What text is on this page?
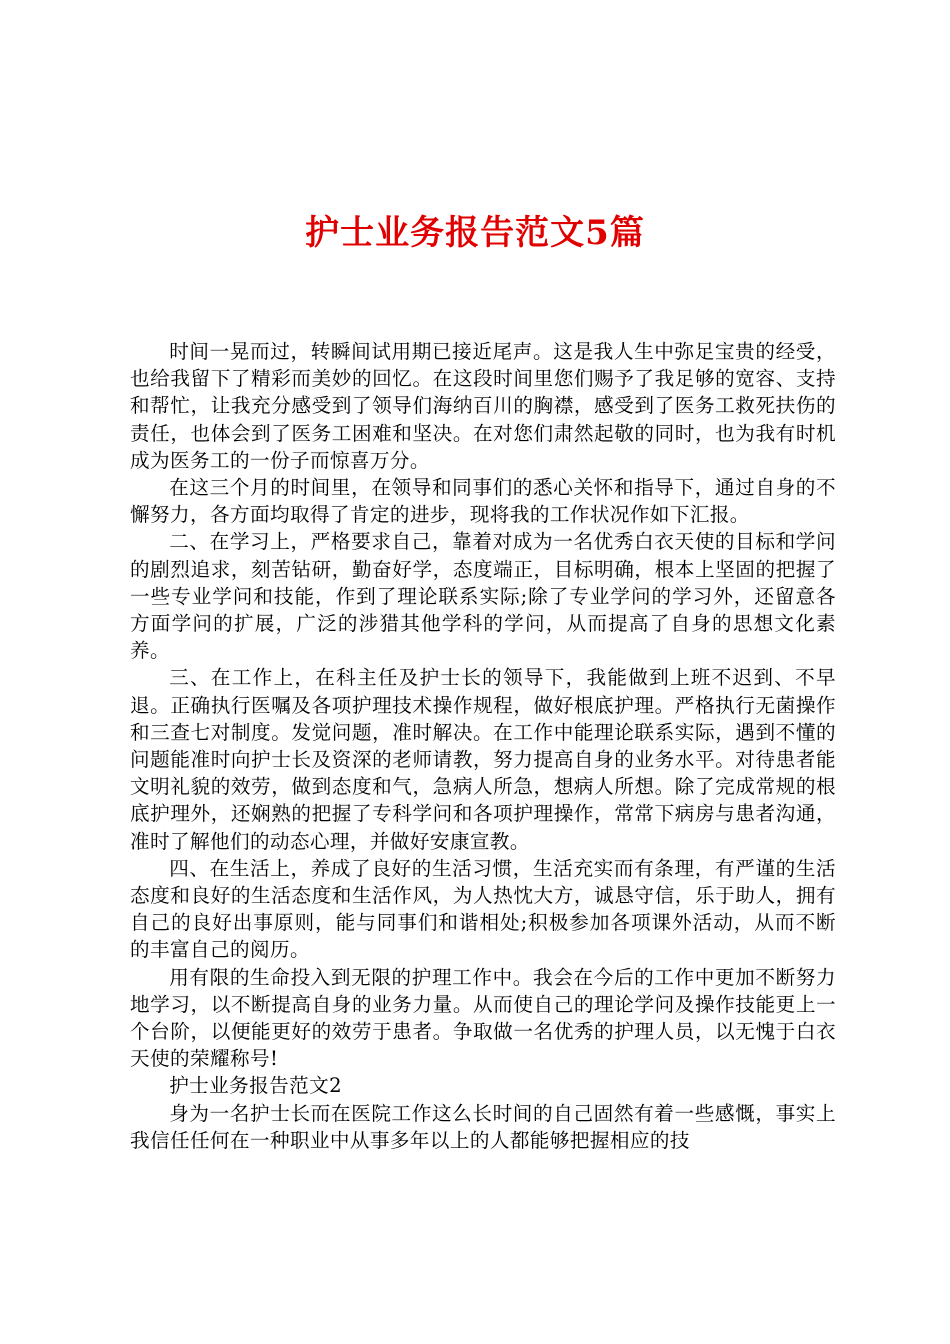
护士业务报告范文5篇

时间一晃而过，转瞬间试用期已接近尾声。这是我人生中弥足宝贵的经受，也给我留下了精彩而美妙的回忆。在这段时间里您们赐予了我足够的宽容、支持和帮忙，让我充分感受到了领导们海纳百川的胸襟，感受到了医务工救死扶伤的责任，也体会到了医务工困难和坚决。在对您们肃然起敬的同时，也为我有时机成为医务工的一份子而惊喜万分。

在这三个月的时间里，在领导和同事们的悉心关怀和指导下，通过自身的不懈努力，各方面均取得了肯定的进步，现将我的工作状况作如下汇报。

二、在学习上，严格要求自己，靠着对成为一名优秀白衣天使的目标和学问的剧烈追求，刻苦钻研，勤奋好学，态度端正，目标明确，根本上坚固的把握了一些专业学问和技能，作到了理论联系实际;除了专业学问的学习外，还留意各方面学问的扩展，广泛的涉猎其他学科的学问，从而提高了自身的思想文化素养。

三、在工作上，在科主任及护士长的领导下，我能做到上班不迟到、不早退。正确执行医嘱及各项护理技术操作规程，做好根底护理。严格执行无菌操作和三查七对制度。发觉问题，准时解决。在工作中能理论联系实际，遇到不懂的问题能准时向护士长及资深的老师请教，努力提高自身的业务水平。对待患者能文明礼貌的效劳，做到态度和气，急病人所急，想病人所想。除了完成常规的根底护理外，还娴熟的把握了专科学问和各项护理操作，常常下病房与患者沟通，准时了解他们的动态心理，并做好安康宣教。

四、在生活上，养成了良好的生活习惯，生活充实而有条理，有严谨的生活态度和良好的生活态度和生活作风，为人热忱大方，诚恳守信，乐于助人，拥有自己的良好出事原则，能与同事们和谐相处;积极参加各项课外活动，从而不断的丰富自己的阅历。

用有限的生命投入到无限的护理工作中。我会在今后的工作中更加不断努力地学习，以不断提高自身的业务力量。从而使自己的理论学问及操作技能更上一个台阶，以便能更好的效劳于患者。争取做一名优秀的护理人员，以无愧于白衣天使的荣耀称号!

护士业务报告范文2

身为一名护士长而在医院工作这么长时间的自己固然有着一些感慨，事实上我信任任何在一种职业中从事多年以上的人都能够把握相应的技
